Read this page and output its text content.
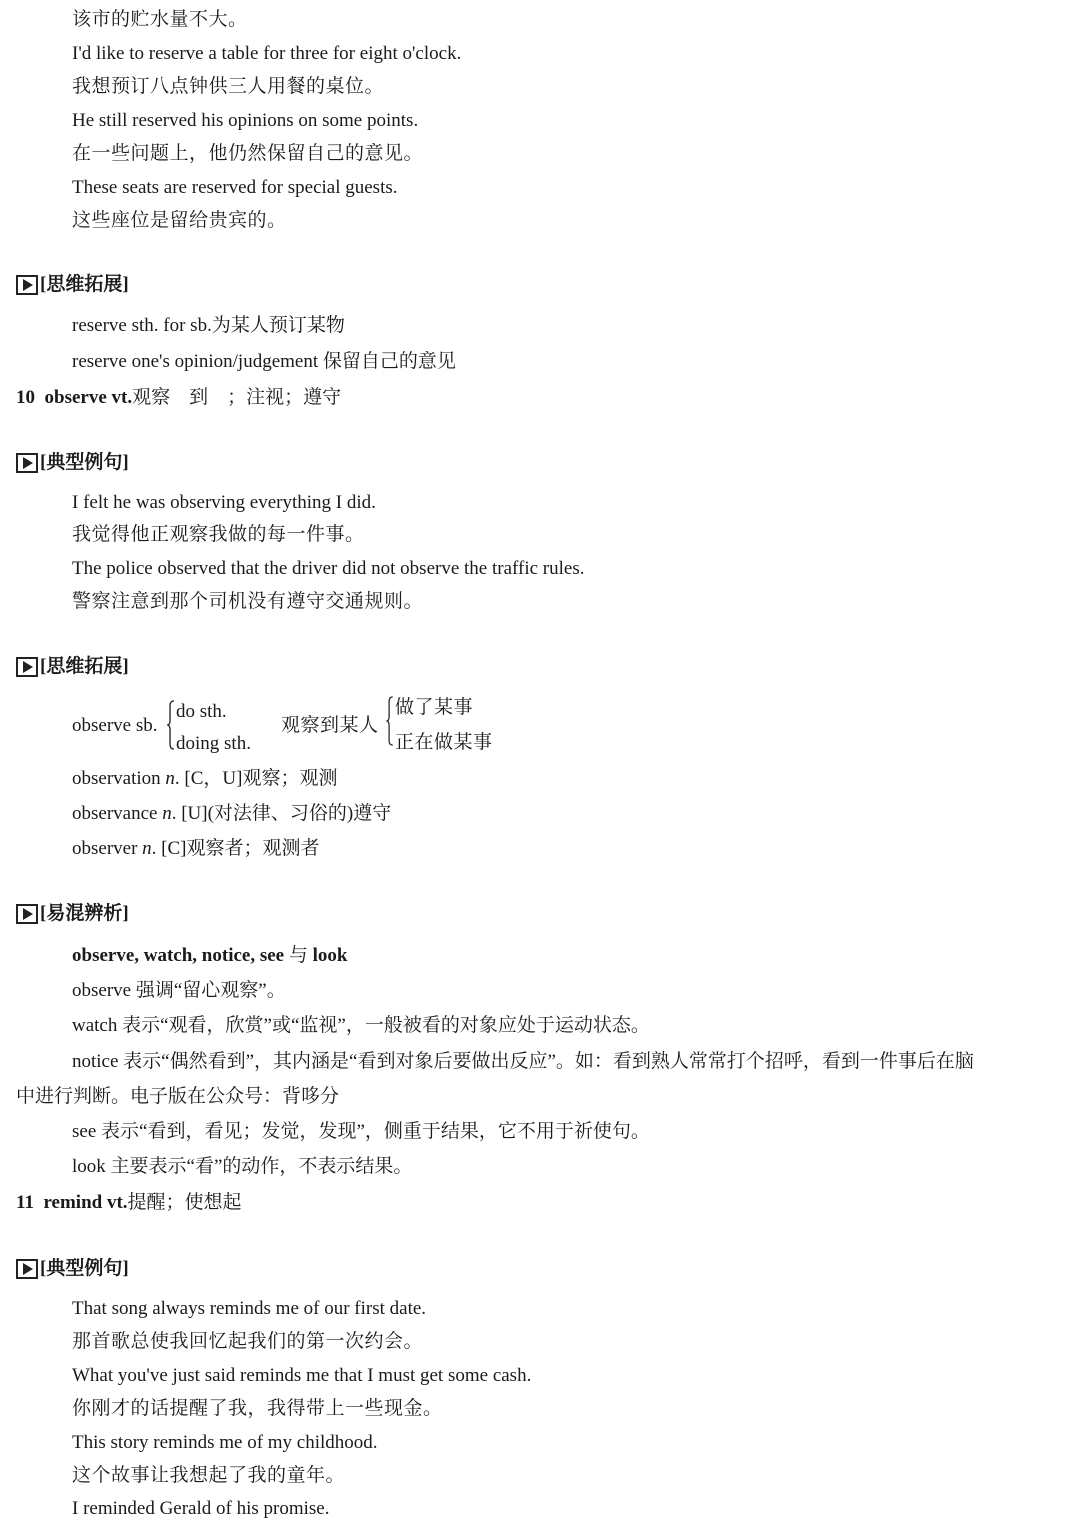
该市的贮水量不大。
I'd like to reserve a table for three for eight o'clock.
我想预订八点钟供三人用餐的桌位。
He still reserved his opinions on some points.
在一些问题上，他仍然保留自己的意见。
These seats are reserved for special guests.
这些座位是留给贵宾的。
[思维拓展]
reserve sth. for sb.为某人预订某物
reserve one's opinion/judgement 保留自己的意见
10 observe vt.观察　到　；注视；遵守
[典型例句]
I felt he was observing everything I did.
我觉得他正观察我做的每一件事。
The police observed that the driver did not observe the traffic rules.
警察注意到那个司机没有遵守交通规则。
[思维拓展]
observe sb.
do sth.
doing sth.
观察到某人
做了某事
正在做某事
observation n. [C，U]观察；观测
observance n. [U](对法律、习俗的)遵守
observer n. [C]观察者；观测者
[易混辨析]
observe, watch, notice, see 与 look
observe 强调“留心观察”。
watch 表示“观看，欣赏”或“监视”，一般被看的对象应处于运动状态。
notice 表示“偶然看到”，其内涵是“看到对象后要做出反应”。如：看到熟人常常打个招呼，看到一件事后在脑
中进行判断。电子版在公众号：背哆分
see 表示“看到，看见；发觉，发现”，侧重于结果，它不用于祈使句。
look 主要表示“看”的动作，不表示结果。
11 remind vt.提醒；使想起
[典型例句]
That song always reminds me of our first date.
那首歌总使我回忆起我们的第一次约会。
What you've just said reminds me that I must get some cash.
你刚才的话提醒了我，我得带上一些现金。
This story reminds me of my childhood.
这个故事让我想起了我的童年。
I reminded Gerald of his promise.
